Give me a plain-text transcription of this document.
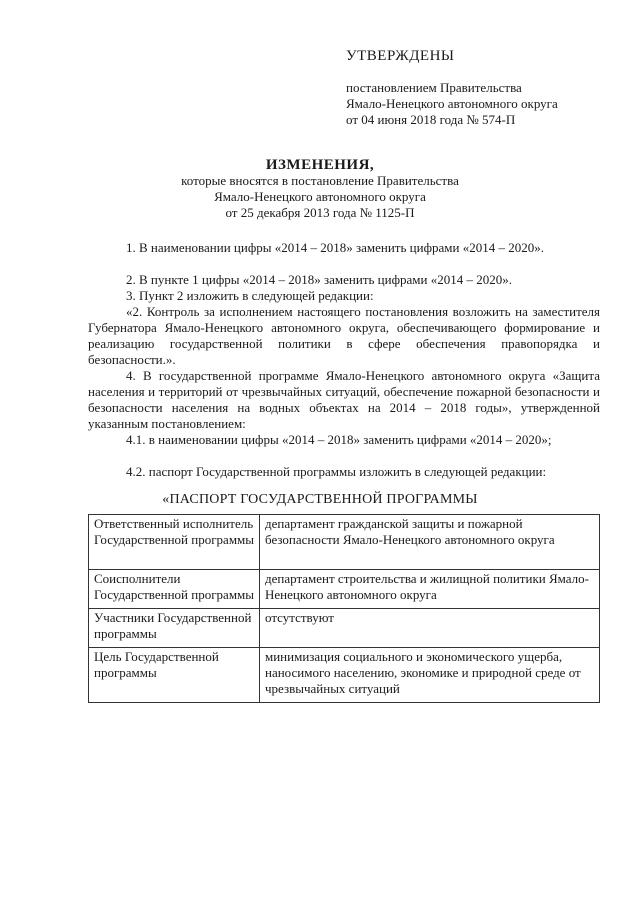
УТВЕРЖДЕНЫ
постановлением Правительства
Ямало-Ненецкого автономного округа
от 04 июня 2018 года № 574-П
ИЗМЕНЕНИЯ,
которые вносятся в постановление Правительства
Ямало-Ненецкого автономного округа
от 25 декабря 2013 года № 1125-П
1. В наименовании цифры «2014 – 2018» заменить цифрами «2014 – 2020».
2. В пункте 1 цифры «2014 – 2018» заменить цифрами «2014 – 2020».
3. Пункт 2 изложить в следующей редакции:
«2. Контроль за исполнением настоящего постановления возложить на заместителя Губернатора Ямало-Ненецкого автономного округа, обеспечивающего формирование и реализацию государственной политики в сфере обеспечения правопорядка и безопасности.».
4. В государственной программе Ямало-Ненецкого автономного округа «Защита населения и территорий от чрезвычайных ситуаций, обеспечение пожарной безопасности и безопасности населения на водных объектах на 2014 – 2018 годы», утвержденной указанным постановлением:
4.1. в наименовании цифры «2014 – 2018» заменить цифрами «2014 – 2020»;
4.2. паспорт Государственной программы изложить в следующей редакции:
«ПАСПОРТ ГОСУДАРСТВЕННОЙ ПРОГРАММЫ
Ответственный исполнитель Государственной программы	департамент гражданской защиты и пожарной безопасности Ямало-Ненецкого автономного округа
Соисполнители Государственной программы	департамент строительства и жилищной политики Ямало-Ненецкого автономного округа
Участники Государственной программы	отсутствуют
Цель Государственной программы	минимизация социального и экономического ущерба, наносимого населению, экономике и природной среде от чрезвычайных ситуаций
